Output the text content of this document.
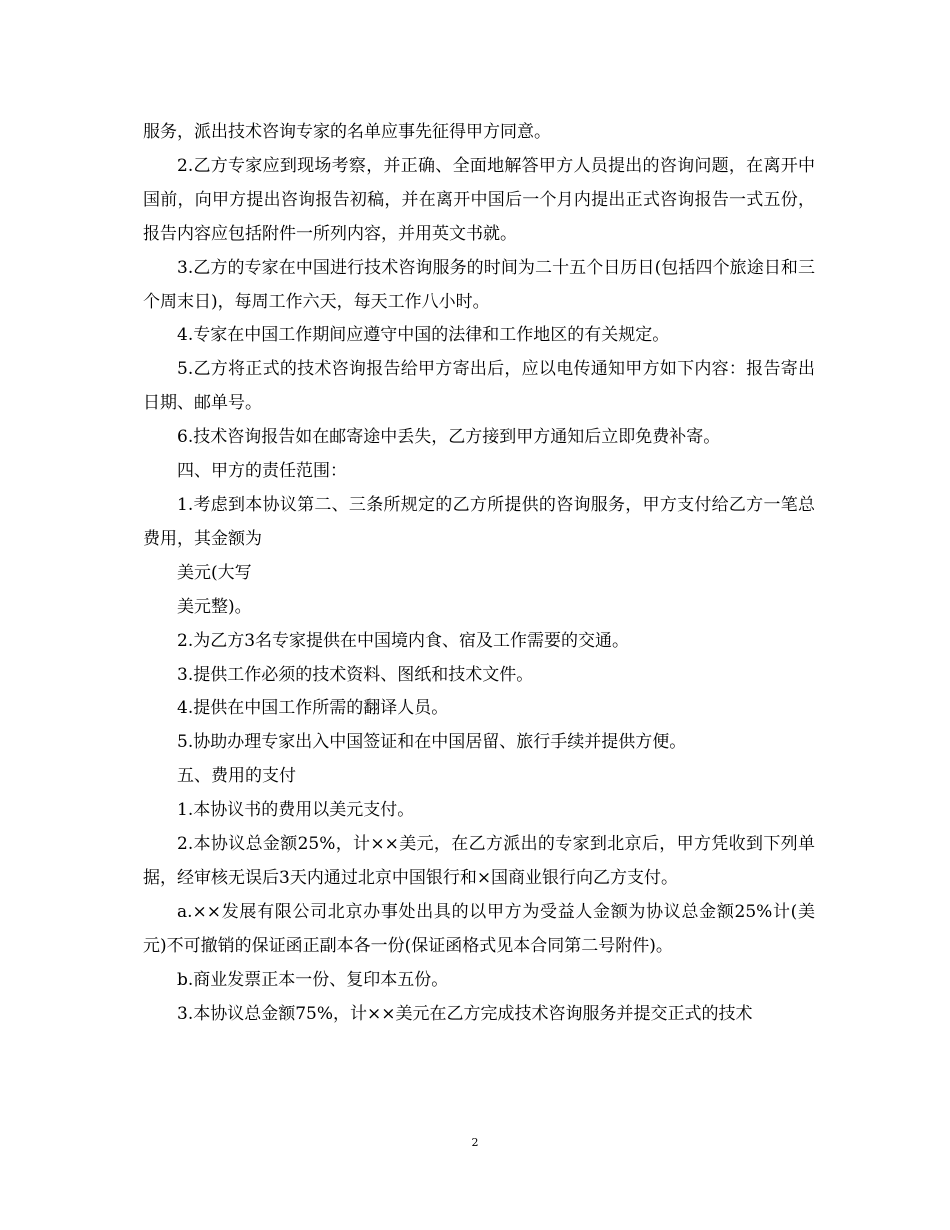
服务，派出技术咨询专家的名单应事先征得甲方同意。

2.乙方专家应到现场考察，并正确、全面地解答甲方人员提出的咨询问题，在离开中国前，向甲方提出咨询报告初稿，并在离开中国后一个月内提出正式咨询报告一式五份，报告内容应包括附件一所列内容，并用英文书就。

3.乙方的专家在中国进行技术咨询服务的时间为二十五个日历日(包括四个旅途日和三个周末日)，每周工作六天，每天工作八小时。

4.专家在中国工作期间应遵守中国的法律和工作地区的有关规定。

5.乙方将正式的技术咨询报告给甲方寄出后，应以电传通知甲方如下内容：报告寄出日期、邮单号。

6.技术咨询报告如在邮寄途中丢失，乙方接到甲方通知后立即免费补寄。

四、甲方的责任范围：

1.考虑到本协议第二、三条所规定的乙方所提供的咨询服务，甲方支付给乙方一笔总费用，其金额为

美元(大写

美元整)。

2.为乙方3名专家提供在中国境内食、宿及工作需要的交通。

3.提供工作必须的技术资料、图纸和技术文件。

4.提供在中国工作所需的翻译人员。

5.协助办理专家出入中国签证和在中国居留、旅行手续并提供方便。

五、费用的支付

1.本协议书的费用以美元支付。

2.本协议总金额25%，计××美元，在乙方派出的专家到北京后，甲方凭收到下列单据，经审核无误后3天内通过北京中国银行和×国商业银行向乙方支付。

a.××发展有限公司北京办事处出具的以甲方为受益人金额为协议总金额25%计(美元)不可撤销的保证函正副本各一份(保证函格式见本合同第二号附件)。

b.商业发票正本一份、复印本五份。

3.本协议总金额75%，计××美元在乙方完成技术咨询服务并提交正式的技术

2
